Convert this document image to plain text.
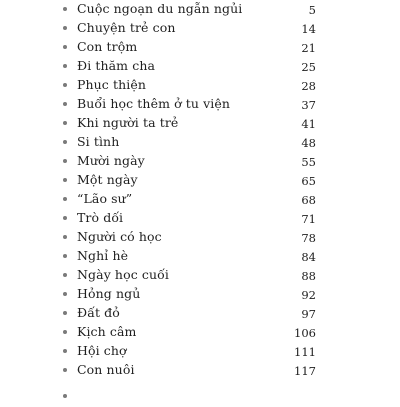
Cuộc ngoạn du ngẫn ngủi	5
Chuyện trẻ con	14
Con trộm	21
Đi thăm cha	25
Phục thiện	28
Buổi học thêm ở tu viện	37
Khi người ta trẻ	41
Si tình	48
Mười ngày	55
Một ngày	65
“Lão sư”	68
Trò dối	71
Người có học	78
Nghỉ hè	84
Ngày học cuối	88
Hỏng ngủ	92
Đất đỏ	97
Kịch câm	106
Hội chợ	111
Con nuôi	117
